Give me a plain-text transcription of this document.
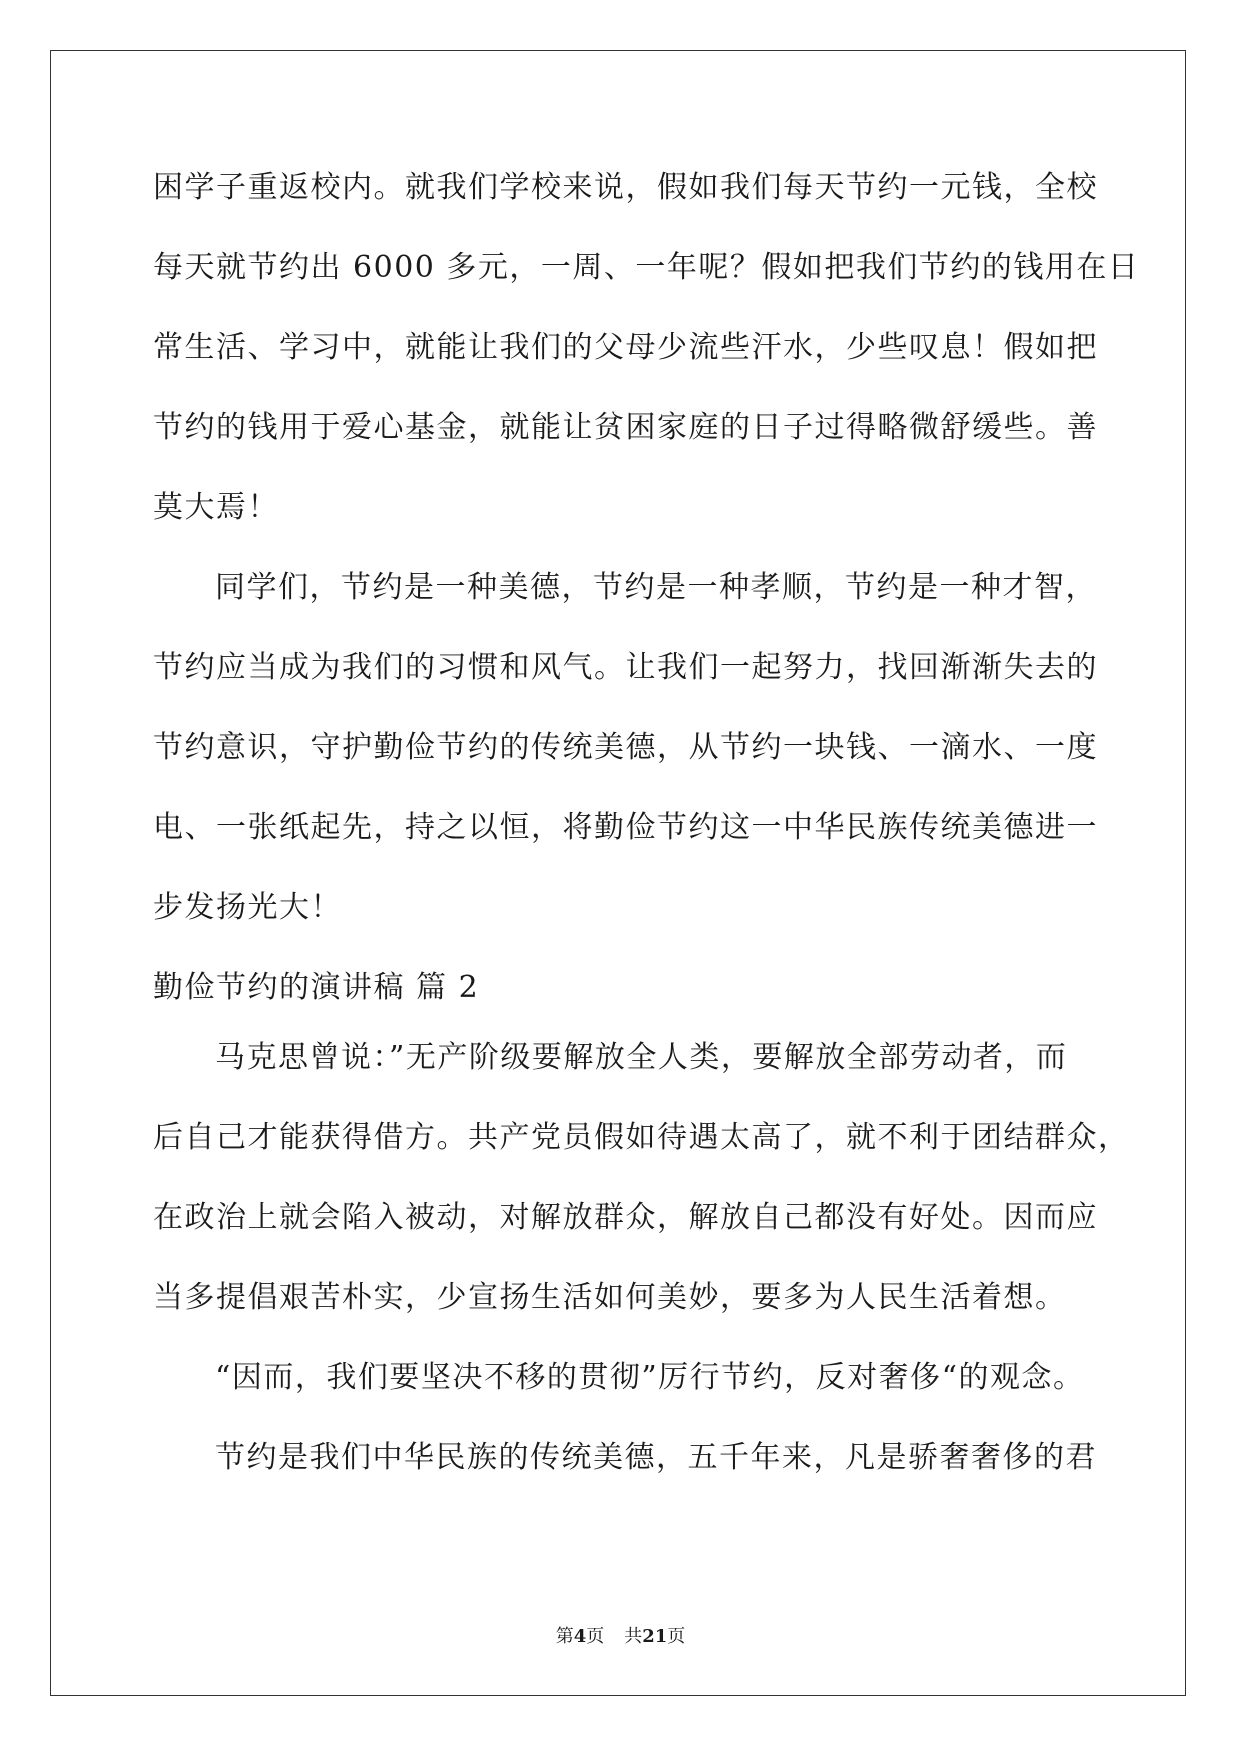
困学子重返校内。就我们学校来说，假如我们每天节约一元钱，全校
每天就节约出 6000 多元，一周、一年呢？假如把我们节约的钱用在日
常生活、学习中，就能让我们的父母少流些汗水，少些叹息！假如把
节约的钱用于爱心基金，就能让贫困家庭的日子过得略微舒缓些。善
莫大焉！
同学们，节约是一种美德，节约是一种孝顺，节约是一种才智，
节约应当成为我们的习惯和风气。让我们一起努力，找回渐渐失去的
节约意识，守护勤俭节约的传统美德，从节约一块钱、一滴水、一度
电、一张纸起先，持之以恒，将勤俭节约这一中华民族传统美德进一
步发扬光大！
勤俭节约的演讲稿 篇 2
马克思曾说：”无产阶级要解放全人类，要解放全部劳动者，而
后自己才能获得借方。共产党员假如待遇太高了，就不利于团结群众，
在政治上就会陷入被动，对解放群众，解放自己都没有好处。因而应
当多提倡艰苦朴实，少宣扬生活如何美妙，要多为人民生活着想。
“因而，我们要坚决不移的贯彻”厉行节约，反对奢侈“的观念。
节约是我们中华民族的传统美德，五千年来，凡是骄奢奢侈的君
第4页 共21页
